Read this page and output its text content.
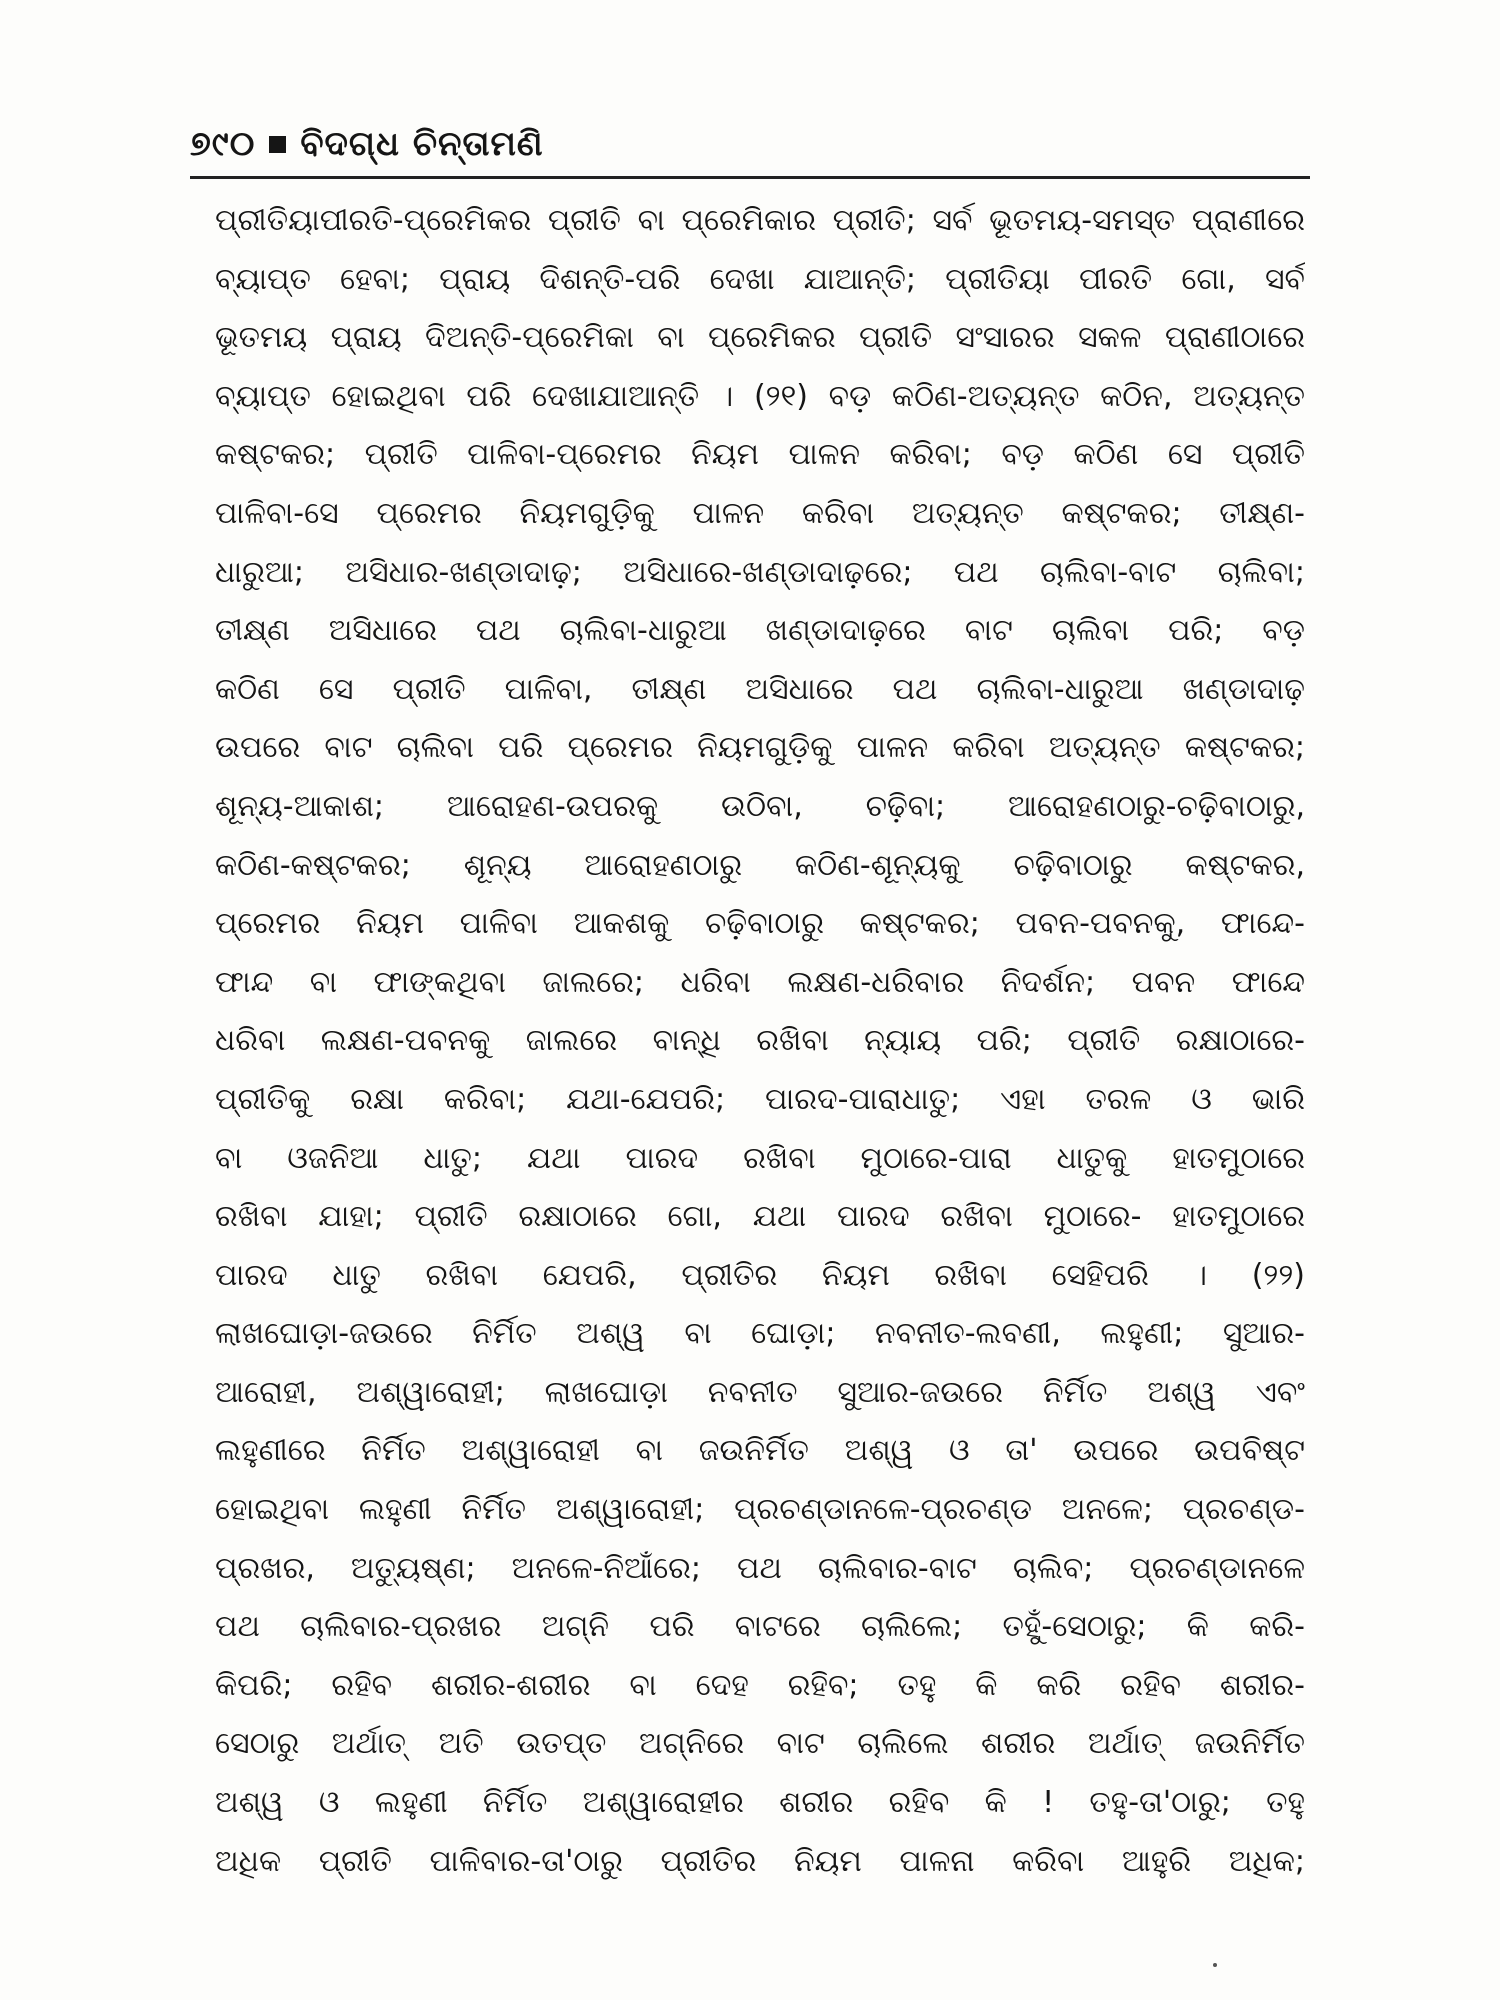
୭୯୦ ବିଦଗ୍ଧ ଚିନ୍ତାମଣି
ପ୍ରୀତିୟାପୀରତି-ପ୍ରେମିକର ପ୍ରୀତି ବା ପ୍ରେମିକାର ପ୍ରୀତି; ସର୍ବ ଭୂତମୟ-ସମସ୍ତ ପ୍ରାଣୀରେ
ବ୍ୟାପ୍ତ ହେବା; ପ୍ରାୟ ଦିଶନ୍ତି-ପରି ଦେଖା ଯାଆନ୍ତି; ପ୍ରୀତିୟା ପୀରତି ଗୋ, ସର୍ବ
ଭୂତମୟ ପ୍ରାୟ ଦିଅନ୍ତି-ପ୍ରେମିକା ବା ପ୍ରେମିକର ପ୍ରୀତି ସଂସାରର ସକଳ ପ୍ରାଣୀଠାରେ
ବ୍ୟାପ୍ତ ହୋଇଥିବା ପରି ଦେଖାଯାଆନ୍ତି । (୨୧) ବଡ଼ କଠିଣ-ଅତ୍ୟନ୍ତ କଠିନ, ଅତ୍ୟନ୍ତ
କଷ୍ଟକର; ପ୍ରୀତି ପାଳିବା-ପ୍ରେମର ନିୟମ ପାଳନ କରିବା; ବଡ଼ କଠିଣ ସେ ପ୍ରୀତି
ପାଳିବା-ସେ ପ୍ରେମର ନିୟମଗୁଡ଼ିକୁ ପାଳନ କରିବା ଅତ୍ୟନ୍ତ କଷ୍ଟକର; ତୀକ୍ଷ୍ଣ-
ଧାରୁଆ; ଅସିଧାର-ଖଣ୍ଡାଦାଢ଼; ଅସିଧାରେ-ଖଣ୍ଡାଦାଢ଼ରେ; ପଥ ଚାଲିବା-ବାଟ ଚାଲିବା;
ତୀକ୍ଷ୍ଣ ଅସିଧାରେ ପଥ ଚାଲିବା-ଧାରୁଆ ଖଣ୍ଡାଦାଢ଼ରେ ବାଟ ଚାଲିବା ପରି; ବଡ଼
କଠିଣ ସେ ପ୍ରୀତି ପାଳିବା, ତୀକ୍ଷ୍ଣ ଅସିଧାରେ ପଥ ଚାଲିବା-ଧାରୁଆ ଖଣ୍ଡାଦାଢ଼
ଉପରେ ବାଟ ଚାଲିବା ପରି ପ୍ରେମର ନିୟମଗୁଡ଼ିକୁ ପାଳନ କରିବା ଅତ୍ୟନ୍ତ କଷ୍ଟକର;
ଶୂନ୍ୟ-ଆକାଶ; ଆରୋହଣ-ଉପରକୁ ଉଠିବା, ଚଢ଼ିବା; ଆରୋହଣଠାରୁ-ଚଢ଼ିବାଠାରୁ,
କଠିଣ-କଷ୍ଟକର; ଶୂନ୍ୟ ଆରୋହଣଠାରୁ କଠିଣ-ଶୂନ୍ୟକୁ ଚଢ଼ିବାଠାରୁ କଷ୍ଟକର,
ପ୍ରେମର ନିୟମ ପାଳିବା ଆକଶକୁ ଚଢ଼ିବାଠାରୁ କଷ୍ଟକର; ପବନ-ପବନକୁ, ଫାନ୍ଦେ-
ଫାନ୍ଦ ବା ଫାଙ୍କଥିବା ଜାଲରେ; ଧରିବା ଲକ୍ଷଣ-ଧରିବାର ନିଦର୍ଶନ; ପବନ ଫାନ୍ଦେ
ଧରିବା ଲକ୍ଷଣ-ପବନକୁ ଜାଲରେ ବାନ୍ଧି ରଖିବା ନ୍ୟାୟ ପରି; ପ୍ରୀତି ରକ୍ଷାଠାରେ-
ପ୍ରୀତିକୁ ରକ୍ଷା କରିବା; ଯଥା-ଯେପରି; ପାରଦ-ପାରାଧାତୁ; ଏହା ତରଳ ଓ ଭାରି
ବା ଓଜନିଆ ଧାତୁ; ଯଥା ପାରଦ ରଖିବା ମୁଠାରେ-ପାରା ଧାତୁକୁ ହାତମୁଠାରେ
ରଖିବା ଯାହା; ପ୍ରୀତି ରକ୍ଷାଠାରେ ଗୋ, ଯଥା ପାରଦ ରଖିବା ମୁଠାରେ- ହାତମୁଠାରେ
ପାରଦ ଧାତୁ ରଖିବା ଯେପରି, ପ୍ରୀତିର ନିୟମ ରଖିବା ସେହିପରି । (୨୨)
ଲାଖଘୋଡ଼ା-ଜଉରେ ନିର୍ମିତ ଅଶ୍ୱ ବା ଘୋଡ଼ା; ନବନୀତ-ଲବଣୀ, ଲହୁଣୀ; ସୁଆର-
ଆରୋହୀ, ଅଶ୍ୱାରୋହୀ; ଲାଖଘୋଡ଼ା ନବନୀତ ସୁଆର-ଜଉରେ ନିର୍ମିତ ଅଶ୍ୱ ଏବଂ
ଲହୁଣୀରେ ନିର୍ମିତ ଅଶ୍ୱାରୋହୀ ବା ଜଉନିର୍ମିତ ଅଶ୍ୱ ଓ ତା' ଉପରେ ଉପବିଷ୍ଟ
ହୋଇଥିବା ଲହୁଣୀ ନିର୍ମିତ ଅଶ୍ୱାରୋହୀ; ପ୍ରଚଣ୍ଡାନଳେ-ପ୍ରଚଣ୍ଡ ଅନଳେ; ପ୍ରଚଣ୍ଡ-
ପ୍ରଖର, ଅତ୍ୟୁଷ୍ଣ; ଅନଳେ-ନିଆଁରେ; ପଥ ଚାଲିବାର-ବାଟ ଚାଲିବ; ପ୍ରଚଣ୍ଡାନଳେ
ପଥ ଚାଲିବାର-ପ୍ରଖର ଅଗ୍ନି ପରି ବାଟରେ ଚାଲିଲେ; ତହୁଁ-ସେଠାରୁ; କି କରି-
କିପରି; ରହିବ ଶରୀର-ଶରୀର ବା ଦେହ ରହିବ; ତହୁ କି କରି ରହିବ ଶରୀର-
ସେଠାରୁ ଅର୍ଥାତ୍ ଅତି ଉତପ୍ତ ଅଗ୍ନିରେ ବାଟ ଚାଲିଲେ ଶରୀର ଅର୍ଥାତ୍ ଜଉନିର୍ମିତ
ଅଶ୍ୱ ଓ ଲହୁଣୀ ନିର୍ମିତ ଅଶ୍ୱାରୋହୀର ଶରୀର ରହିବ କି ! ତହୁ-ତା'ଠାରୁ; ତହୁ
ଅଧିକ ପ୍ରୀତି ପାଳିବାର-ତା'ଠାରୁ ପ୍ରୀତିର ନିୟମ ପାଳନା କରିବା ଆହୁରି ଅଧିକ;
